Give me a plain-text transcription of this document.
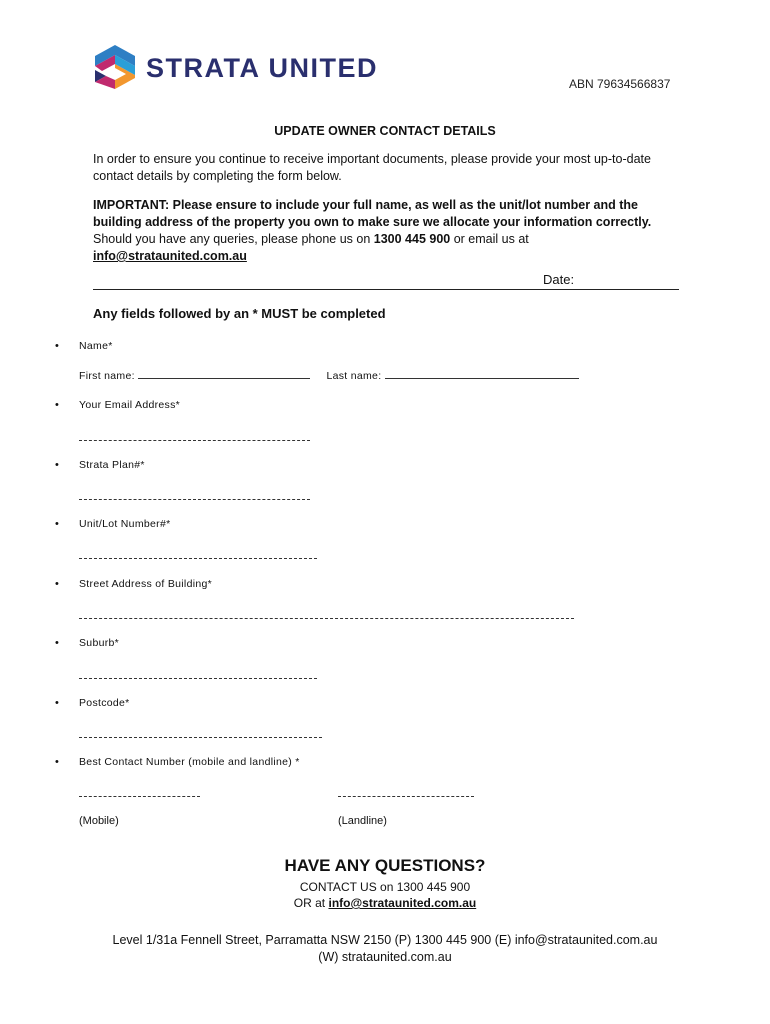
STRATA UNITED
ABN 79634566837
UPDATE OWNER CONTACT DETAILS
In order to ensure you continue to receive important documents, please provide your most up-to-date contact details by completing the form below.
IMPORTANT: Please ensure to include your full name, as well as the unit/lot number and the building address of the property you own to make sure we allocate your information correctly. Should you have any queries, please phone us on 1300 445 900 or email us at
info@strataunited.com.au
Date:
Any fields followed by an * MUST be completed
• Name*
First name:	Last name:
• Your Email Address*
• Strata Plan#*
• Unit/Lot Number#*
• Street Address of Building*
• Suburb*
• Postcode*
• Best Contact Number (mobile and landline) *
(Mobile)	(Landline)
HAVE ANY QUESTIONS?
CONTACT US on 1300 445 900
OR at info@strataunited.com.au
Level 1/31a Fennell Street, Parramatta NSW 2150 (P) 1300 445 900 (E) info@strataunited.com.au
(W) strataunited.com.au
